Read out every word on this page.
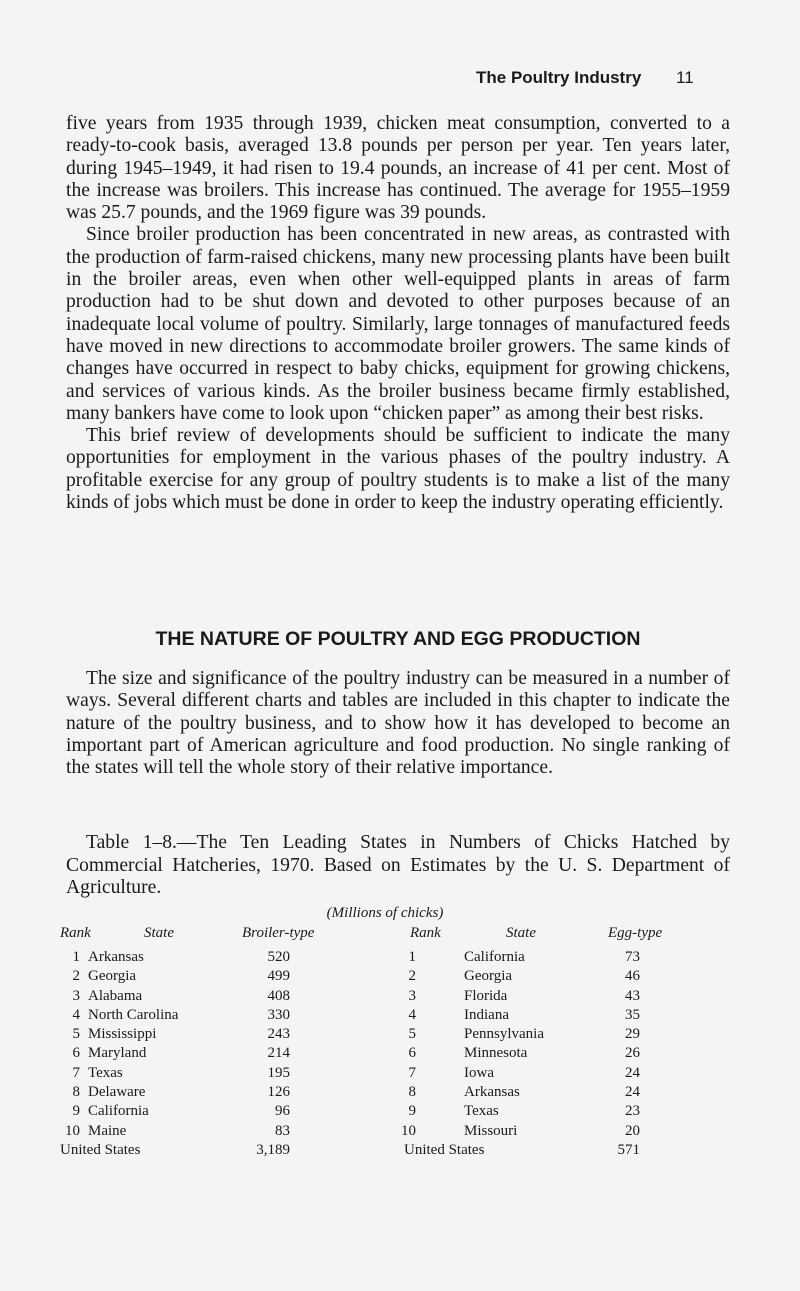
The Poultry Industry 11

five years from 1935 through 1939, chicken meat consumption, converted to a ready-to-cook basis, averaged 13.8 pounds per person per year. Ten years later, during 1945–1949, it had risen to 19.4 pounds, an increase of 41 per cent. Most of the increase was broilers. This increase has continued. The average for 1955–1959 was 25.7 pounds, and the 1969 figure was 39 pounds.

Since broiler production has been concentrated in new areas, as contrasted with the production of farm-raised chickens, many new processing plants have been built in the broiler areas, even when other well-equipped plants in areas of farm production had to be shut down and devoted to other purposes because of an inadequate local volume of poultry. Similarly, large tonnages of manufactured feeds have moved in new directions to accommodate broiler growers. The same kinds of changes have occurred in respect to baby chicks, equipment for growing chickens, and services of various kinds. As the broiler business became firmly established, many bankers have come to look upon “chicken paper” as among their best risks.

This brief review of developments should be sufficient to indicate the many opportunities for employment in the various phases of the poultry industry. A profitable exercise for any group of poultry students is to make a list of the many kinds of jobs which must be done in order to keep the industry operating efficiently.

THE NATURE OF POULTRY AND EGG PRODUCTION

The size and significance of the poultry industry can be measured in a number of ways. Several different charts and tables are included in this chapter to indicate the nature of the poultry business, and to show how it has developed to become an important part of American agriculture and food production. No single ranking of the states will tell the whole story of their relative importance.

Table 1–8.—The Ten Leading States in Numbers of Chicks Hatched by Commercial Hatcheries, 1970. Based on Estimates by the U. S. Department of Agriculture.

(Millions of chicks)
Rank	State	Broiler-type	Rank	State	Egg-type
1 Arkansas	520	1	California	73
2 Georgia	499	2	Georgia	46
3 Alabama	408	3	Florida	43
4 North Carolina	330	4	Indiana	35
5 Mississippi	243	5	Pennsylvania	29
6 Maryland	214	6	Minnesota	26
7 Texas	195	7	Iowa	24
8 Delaware	126	8	Arkansas	24
9 California	96	9	Texas	23
10 Maine	83	10	Missouri	20
United States	3,189	United States	571
